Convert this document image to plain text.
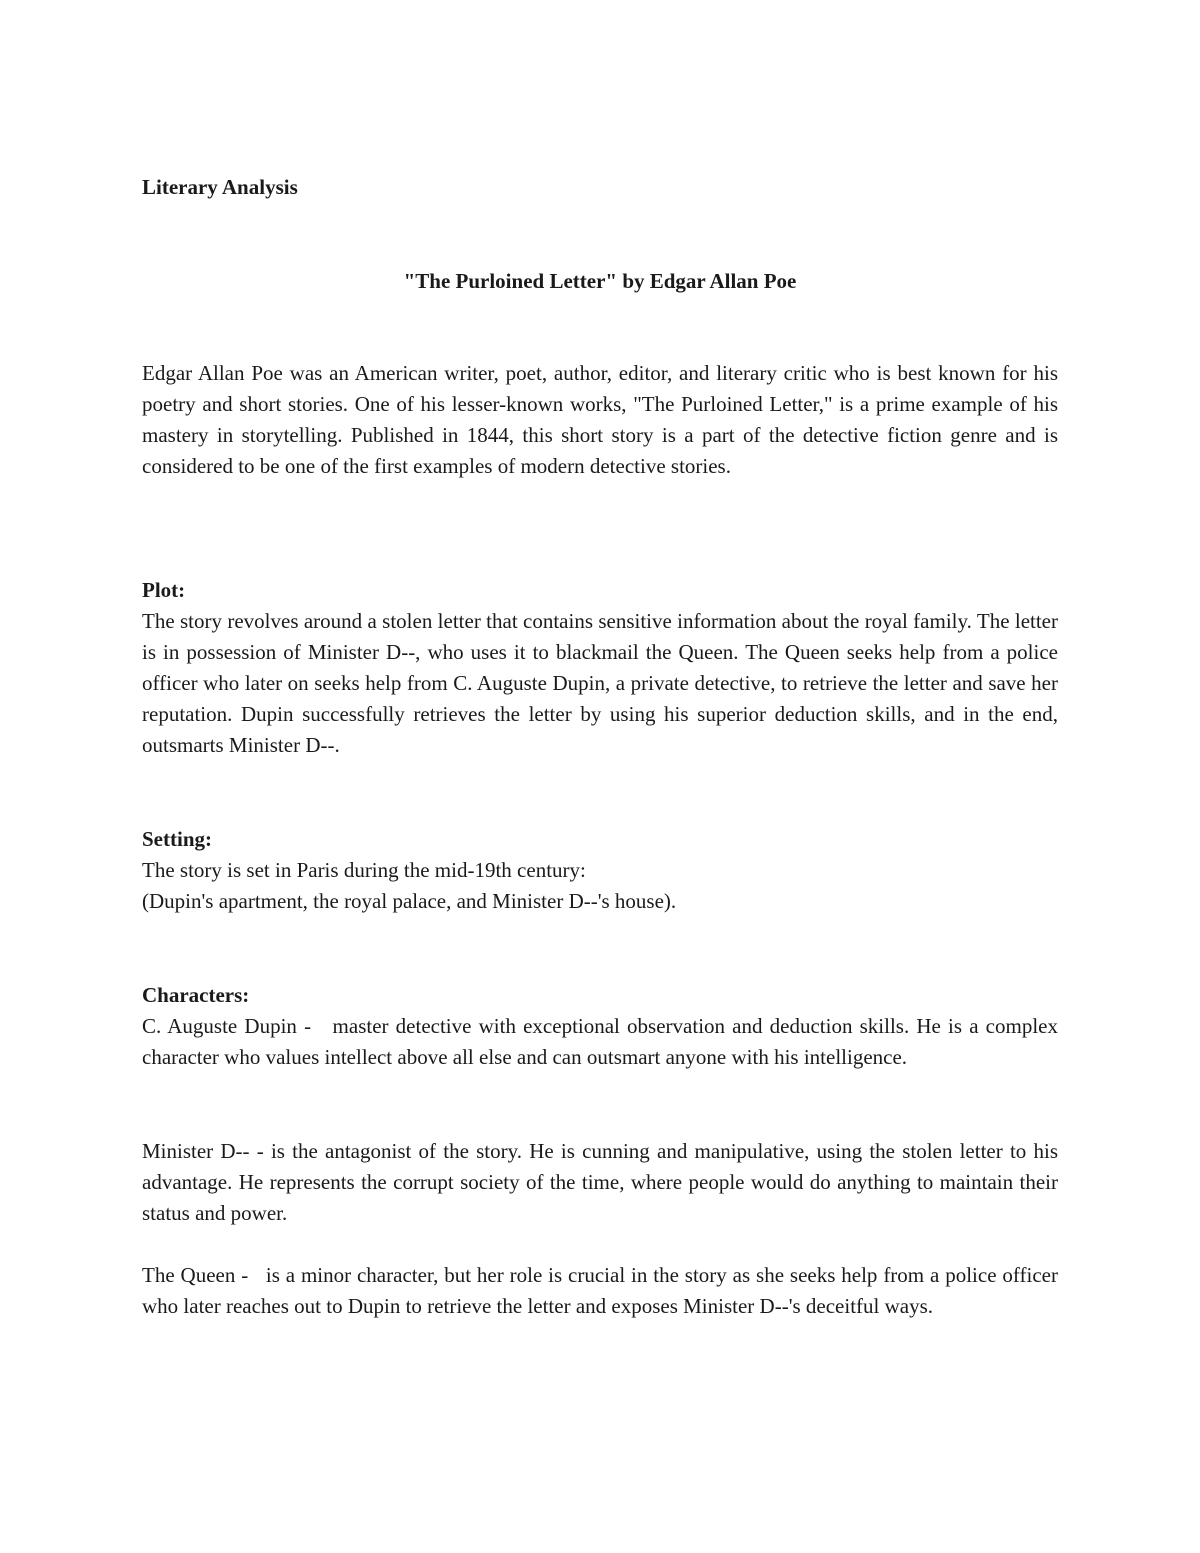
Literary Analysis

"The Purloined Letter" by Edgar Allan Poe

Edgar Allan Poe was an American writer, poet, author, editor, and literary critic who is best known for his poetry and short stories. One of his lesser-known works, "The Purloined Letter," is a prime example of his mastery in storytelling. Published in 1844, this short story is a part of the detective fiction genre and is considered to be one of the first examples of modern detective stories.

Plot:

The story revolves around a stolen letter that contains sensitive information about the royal family. The letter is in possession of Minister D--, who uses it to blackmail the Queen. The Queen seeks help from a police officer who later on seeks help from C. Auguste Dupin, a private detective, to retrieve the letter and save her reputation. Dupin successfully retrieves the letter by using his superior deduction skills, and in the end, outsmarts Minister D--.

Setting:

The story is set in Paris during the mid-19th century:

(Dupin's apartment, the royal palace, and Minister D--'s house).

Characters:

C. Auguste Dupin -   master detective with exceptional observation and deduction skills. He is a complex character who values intellect above all else and can outsmart anyone with his intelligence.

Minister D-- - is the antagonist of the story. He is cunning and manipulative, using the stolen letter to his advantage. He represents the corrupt society of the time, where people would do anything to maintain their status and power.

The Queen -   is a minor character, but her role is crucial in the story as she seeks help from a police officer who later reaches out to Dupin to retrieve the letter and exposes Minister D--'s deceitful ways.
